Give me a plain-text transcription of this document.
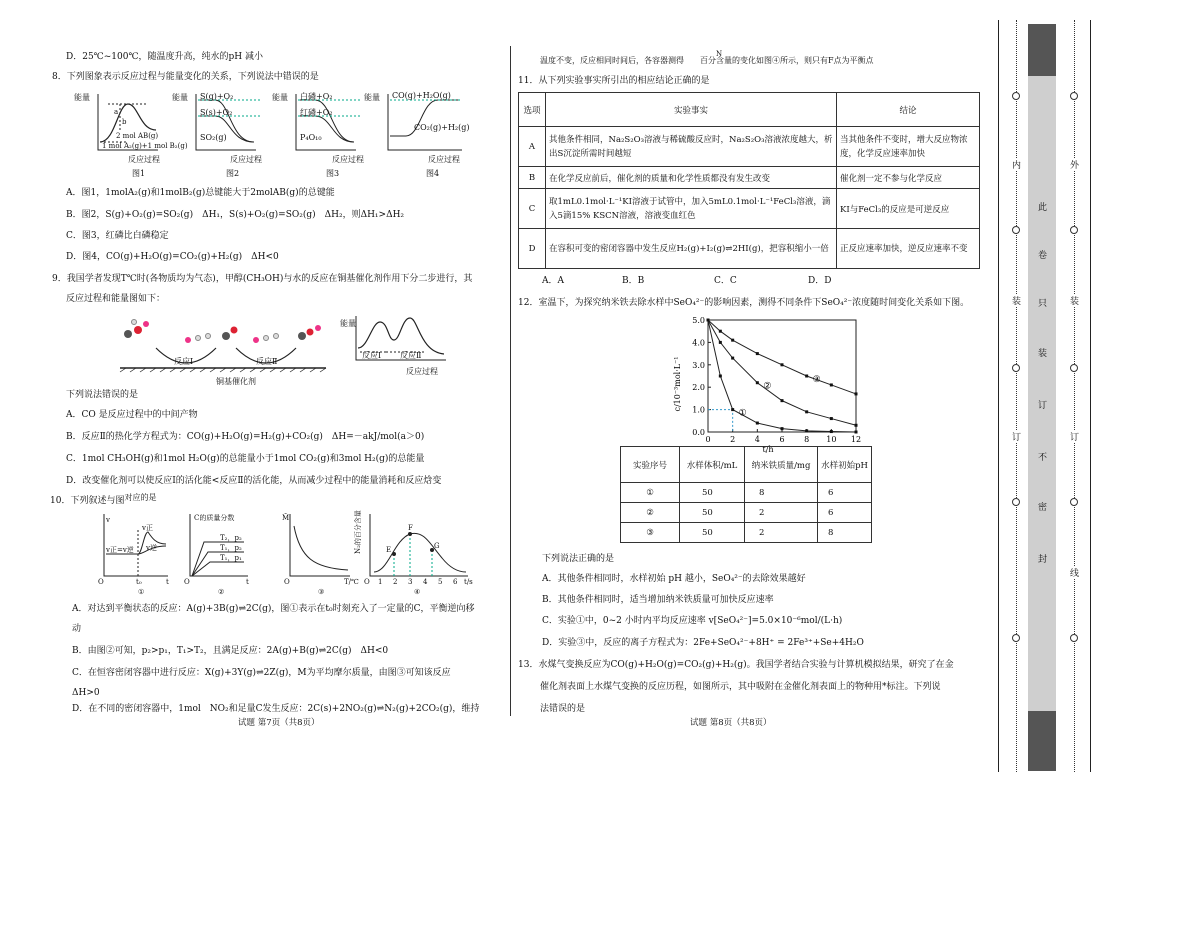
D．25℃~100℃，随温度升高，纯水的pH 减小
8．下列图象表示反应过程与能量变化的关系，下列说法中错误的是
能量	能量	能量	能量
2 mol AB(g)
1 mol A₂(g)+1 mol B₂(g)
a
b
S(g)+O₂
S(s)+O₂
SO₂(g)
白磷+O₂
红磷+O₂
P₄O₁₀
CO(g)+H₂O(g)
CO₂(g)+H₂(g)
反应过程	反应过程	反应过程	反应过程
图1	图2	图3	图4
A．图1，1molA₂(g)和1molB₂(g)总键能大于2molAB(g)的总键能
B．图2，S(g)+O₂(g)=SO₂(g)　ΔH₁，S(s)+O₂(g)=SO₂(g)　ΔH₂，则ΔH₁>ΔH₂
C．图3，红磷比白磷稳定
D．图4，CO(g)+H₂O(g)=CO₂(g)+H₂(g)　ΔH<0
9．我国学者发现T℃时(各物质均为气态)，甲醇(CH₃OH)与水的反应在铜基催化剂作用下分二步进行，其
反应过程和能量图如下：
反应Ⅰ	反应Ⅱ
铜基催化剂
能量
反应Ⅰ 反应Ⅱ
反应过程
下列说法错误的是
A．CO 是反应过程中的中间产物
B．反应Ⅱ的热化学方程式为：CO(g)+H₂O(g)=H₂(g)+CO₂(g)　ΔH=－akJ/mol(a＞0)
C．1mol CH₃OH(g)和1mol H₂O(g)的总能量小于1mol CO₂(g)和3mol H₂(g)的总能量
D．改变催化剂可以使反应Ⅰ的活化能<反应Ⅱ的活化能，从而减少过程中的能量消耗和反应焓变
10．下列叙述与图对应的是
v
v正
v逆
v正=v逆
O	t₀	t
C的质量分数
T₂，p₂
T₁，p₂
T₁，p₁
O	t
M̄
O	T/℃
N₂的百分含量	E
F
G
O 1 2 3 4 5 6 t/s
①	②	③	④
A．对达到平衡状态的反应：A(g)+3B(g)⇌2C(g)，图①表示在t₀时刻充入了一定量的C，平衡逆向移
动
B．由图②可知，p₂>p₁，T₁>T₂，且满足反应：2A(g)+B(g)⇌2C(g)　ΔH<0
C．在恒容密闭容器中进行反应：X(g)+3Y(g)⇌2Z(g)，M为平均摩尔质量，由图③可知该反应
ΔH>0
D．在不同的密闭容器中，1mol　NO₂和足量C发生反应：2C(s)+2NO₂(g)⇌N₂(g)+2CO₂(g)，维持
试题 第7页（共8页）
温度不变，反应相同时间后，各容器测得　　百分含量的变化如图④所示，则只有F点为平衡点
N
11．从下列实验事实所引出的相应结论正确的是
选项	实验事实	结论
A	其他条件相同，Na₂S₂O₃溶液与稀硫酸反应时，Na₂S₂O₃溶液浓度越大，析出S沉淀所需时间越短	当其他条件不变时，增大反应物浓度，化学反应速率加快
B	在化学反应前后，催化剂的质量和化学性质都没有发生改变	催化剂一定不参与化学反应
C	取1mL0.1mol·L⁻¹KI溶液于试管中，加入5mL0.1mol·L⁻¹FeCl₃溶液，滴入5滴15% KSCN溶液，溶液变血红色	KI与FeCl₃的反应是可逆反应
D	在容积可变的密闭容器中发生反应H₂(g)+I₂(g)⇌2HI(g)，把容积缩小一倍	正反应速率加快，逆反应速率不变
A．A	B．B	C．C	D．D
12．室温下，为探究纳米铁去除水样中SeO₄²⁻的影响因素，测得不同条件下SeO₄²⁻浓度随时间变化关系如下图。
c/10⁻³mol·L⁻¹
t/h
0.0
1.0
2.0
3.0
4.0
5.0
0 2 4 6 8 10 12
①
②
③
实验序号	水样体积/mL	纳米铁质量/mg	水样初始pH
①	50	8	6
②	50	2	6
③	50	2	8
下列说法正确的是
A．其他条件相同时，水样初始 pH 越小，SeO₄²⁻的去除效果越好
B．其他条件相同时，适当增加纳米铁质量可加快反应速率
C．实验①中，0~2 小时内平均反应速率 v[SeO₄²⁻]=5.0×10⁻⁶mol/(L·h)
D．实验③中，反应的离子方程式为：2Fe+SeO₄²⁻+8H⁺ = 2Fe³⁺+Se+4H₂O
13．水煤气变换反应为CO(g)+H₂O(g)=CO₂(g)+H₂(g)。我国学者结合实验与计算机模拟结果，研究了在金
催化剂表面上水煤气变换的反应历程，如图所示，其中吸附在金催化剂表面上的物种用*标注。下列说
法错误的是
试题 第8页（共8页）
内
装
订
外
装
订
线
此
卷
只
装
订
不
密
封
